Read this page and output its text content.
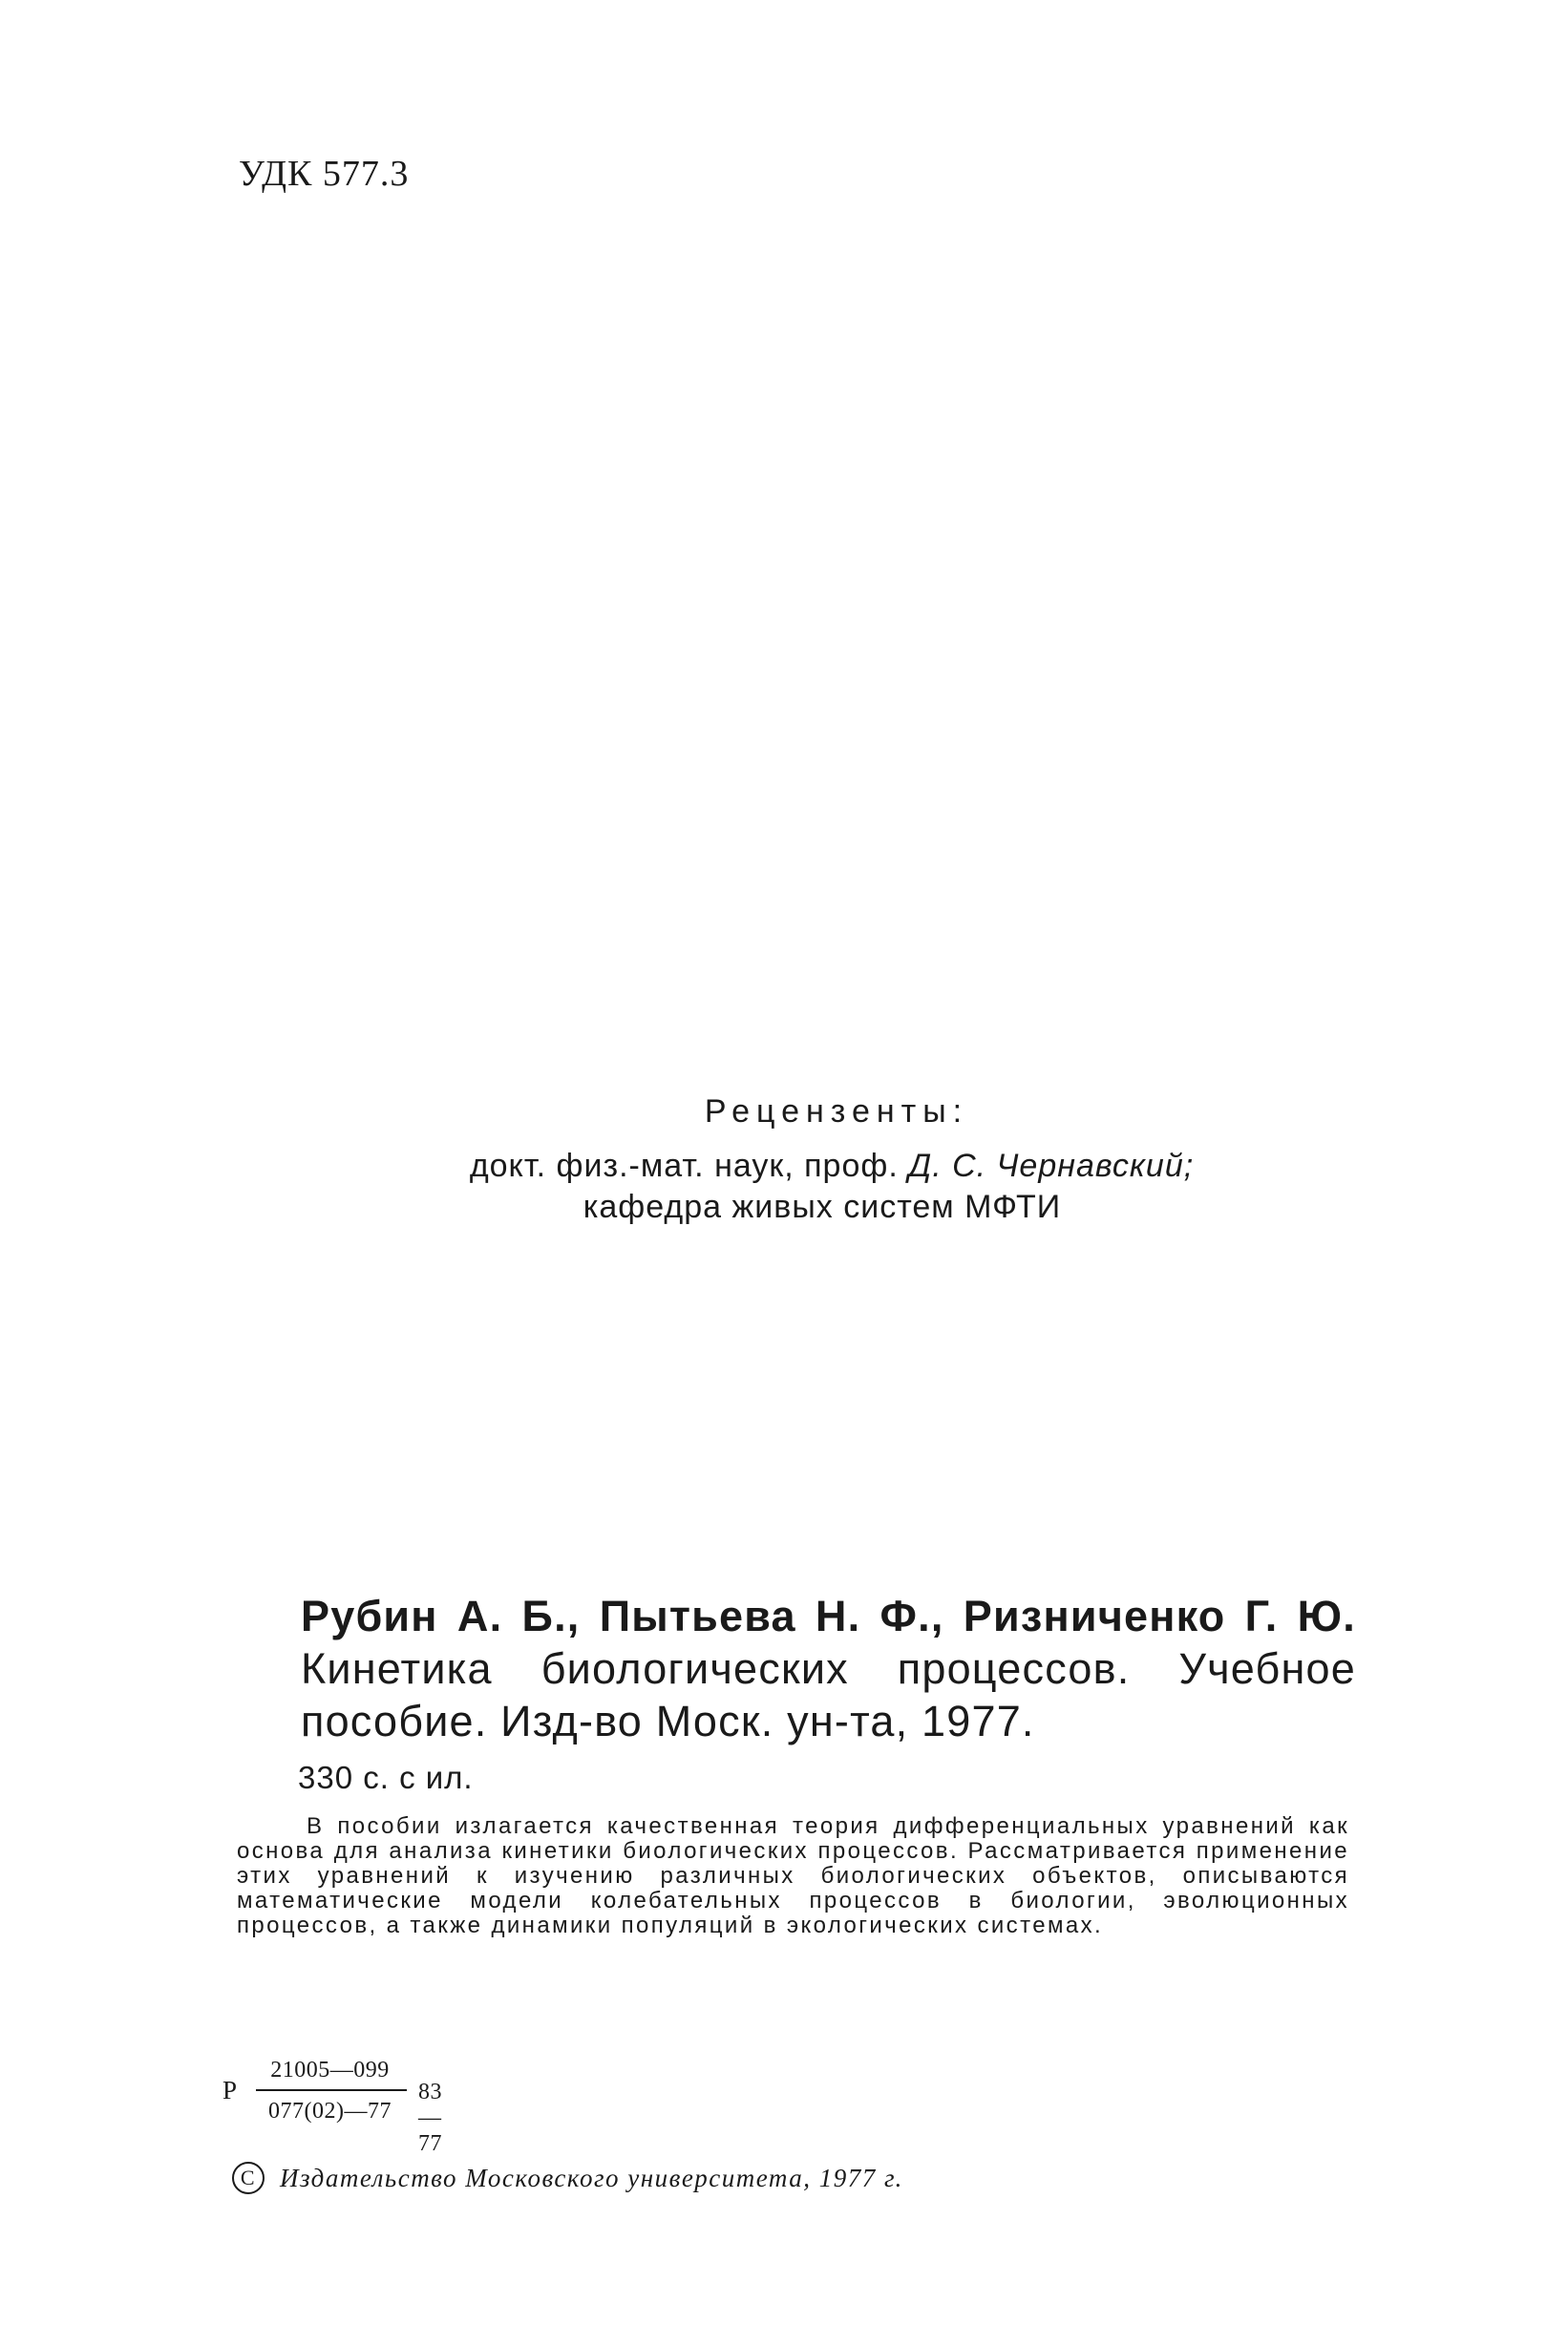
УДК 577.3
Рецензенты:
докт. физ.-мат. наук, проф. Д. С. Чернавский;
кафедра живых систем МФТИ
Рубин А. Б., Пытьева Н. Ф., Ризниченко Г. Ю. Кинетика биологических процессов. Учебное пособие. Изд-во Моск. ун-та, 1977.
330 с. с ил.
В пособии излагается качественная теория дифференциальных уравнений как основа для анализа кинетики биологических процессов. Рассматривается применение этих уравнений к изучению различных биологических объектов, описываются математические модели колебательных процессов в биологии, эволюционных процессов, а также динамики популяций в экологических системах.
Р
21005—099
077(02)—77
83—77
С Издательство Московского университета, 1977 г.
